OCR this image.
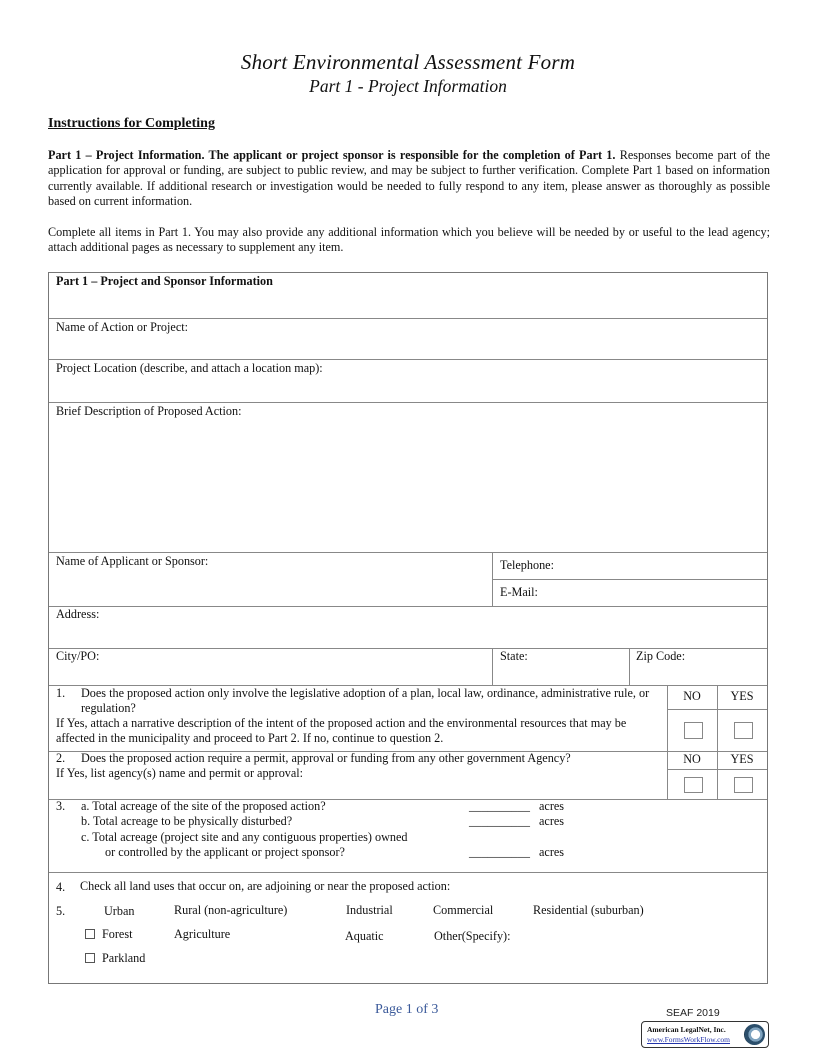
Short Environmental Assessment Form
Part 1 - Project Information
Instructions for Completing
Part 1 – Project Information. The applicant or project sponsor is responsible for the completion of Part 1. Responses become part of the application for approval or funding, are subject to public review, and may be subject to further verification. Complete Part 1 based on information currently available. If additional research or investigation would be needed to fully respond to any item, please answer as thoroughly as possible based on current information.
Complete all items in Part 1. You may also provide any additional information which you believe will be needed by or useful to the lead agency; attach additional pages as necessary to supplement any item.
Part 1 – Project and Sponsor Information
Name of Action or Project:
Project Location (describe, and attach a location map):
Brief Description of Proposed Action:
Name of Applicant or Sponsor:	Telephone:
E-Mail:
Address:
City/PO:	State:	Zip Code:
1. Does the proposed action only involve the legislative adoption of a plan, local law, ordinance, administrative rule, or regulation?
If Yes, attach a narrative description of the intent of the proposed action and the environmental resources that may be affected in the municipality and proceed to Part 2. If no, continue to question 2.
NO	YES
2. Does the proposed action require a permit, approval or funding from any other government Agency?
If Yes, list agency(s) name and permit or approval:
NO	YES
3. a. Total acreage of the site of the proposed action?	__________ acres
b. Total acreage to be physically disturbed?	__________ acres
c. Total acreage (project site and any contiguous properties) owned
or controlled by the applicant or project sponsor?	__________ acres
4. Check all land uses that occur on, are adjoining or near the proposed action:
5.	Urban	Rural (non-agriculture)	Industrial	Commercial	Residential (suburban)
Forest	Agriculture	Aquatic	Other(Specify):
Parkland
Page 1 of 3	SEAF 2019
American LegalNet, Inc.
www.FormsWorkFlow.com
